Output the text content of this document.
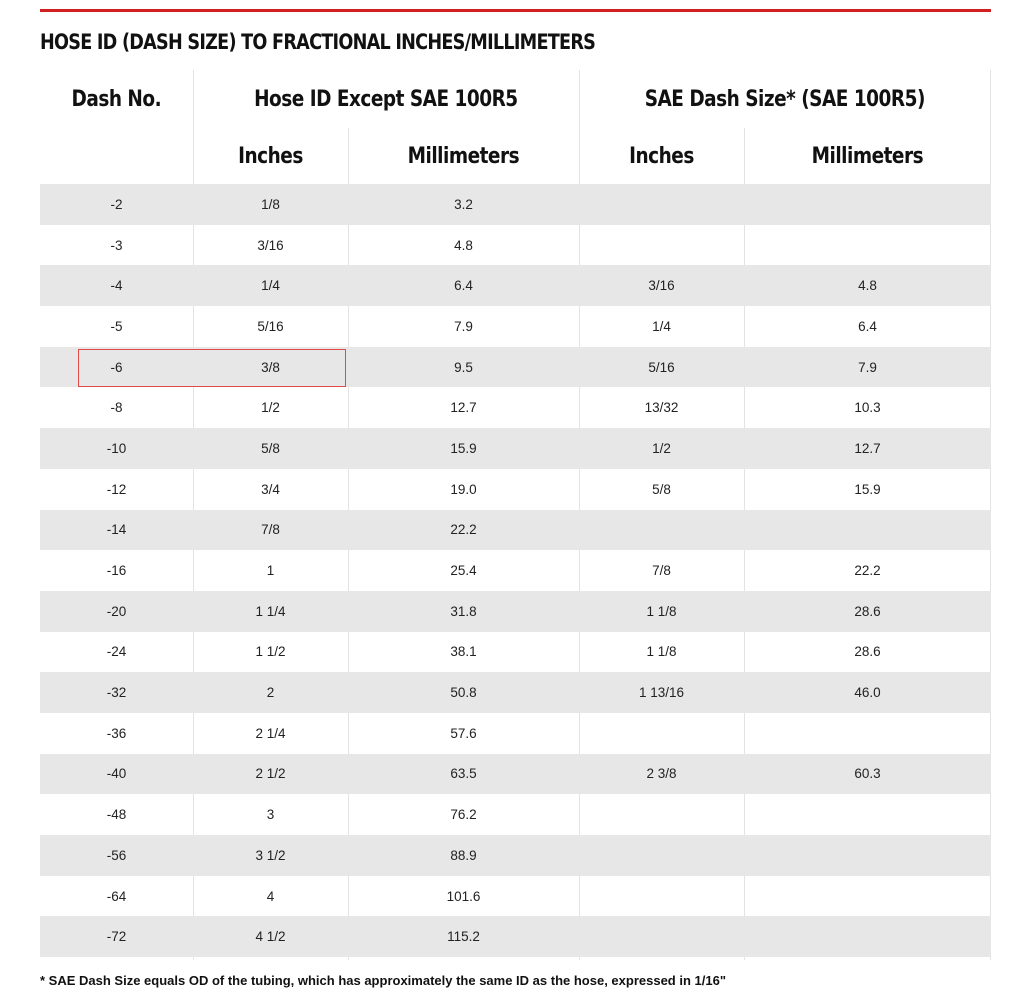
HOSE ID (DASH SIZE) TO FRACTIONAL INCHES/MILLIMETERS
Dash No.	Hose ID Except SAE 100R5	SAE Dash Size* (SAE 100R5)
Inches	Millimeters	Inches	Millimeters
-2	1/8	3.2
-3	3/16	4.8
-4	1/4	6.4	3/16	4.8
-5	5/16	7.9	1/4	6.4
-6	3/8	9.5	5/16	7.9
-8	1/2	12.7	13/32	10.3
-10	5/8	15.9	1/2	12.7
-12	3/4	19.0	5/8	15.9
-14	7/8	22.2
-16	1	25.4	7/8	22.2
-20	1 1/4	31.8	1 1/8	28.6
-24	1 1/2	38.1	1 1/8	28.6
-32	2	50.8	1 13/16	46.0
-36	2 1/4	57.6
-40	2 1/2	63.5	2 3/8	60.3
-48	3	76.2
-56	3 1/2	88.9
-64	4	101.6
-72	4 1/2	115.2
* SAE Dash Size equals OD of the tubing, which has approximately the same ID as the hose, expressed in 1/16"
